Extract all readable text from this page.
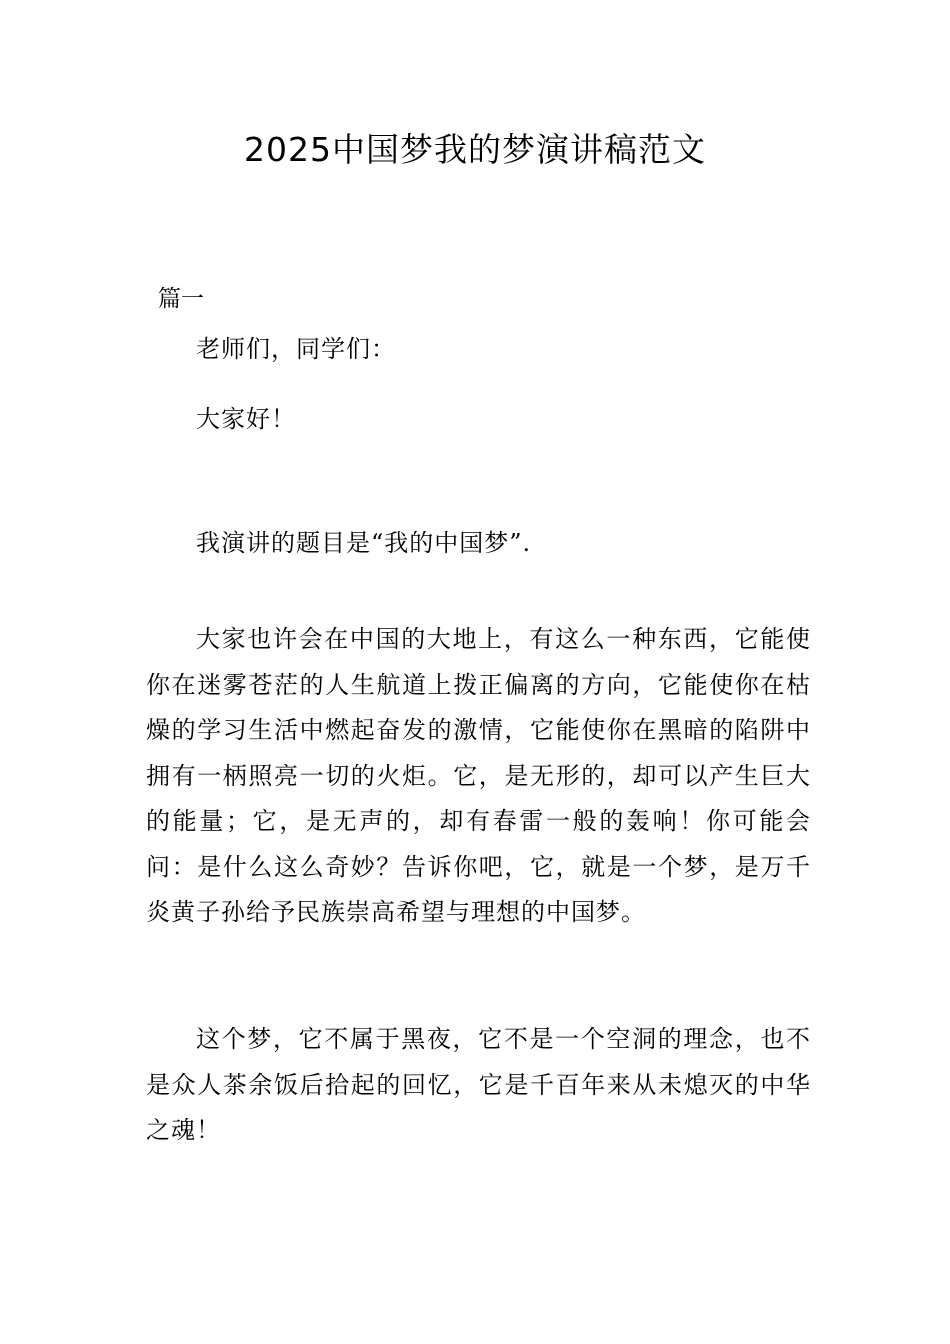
2025中国梦我的梦演讲稿范文
篇一

老师们，同学们：

大家好！

我演讲的题目是“我的中国梦”.

大家也许会在中国的大地上，有这么一种东西，它能使你在迷雾苍茫的人生航道上拨正偏离的方向，它能使你在枯燥的学习生活中燃起奋发的激情，它能使你在黑暗的陷阱中拥有一柄照亮一切的火炬。它，是无形的，却可以产生巨大的能量；它，是无声的，却有春雷一般的轰响！你可能会问：是什么这么奇妙？告诉你吧，它，就是一个梦，是万千炎黄子孙给予民族崇高希望与理想的中国梦。

这个梦，它不属于黑夜，它不是一个空洞的理念，也不是众人茶余饭后拾起的回忆，它是千百年来从未熄灭的中华之魂！
